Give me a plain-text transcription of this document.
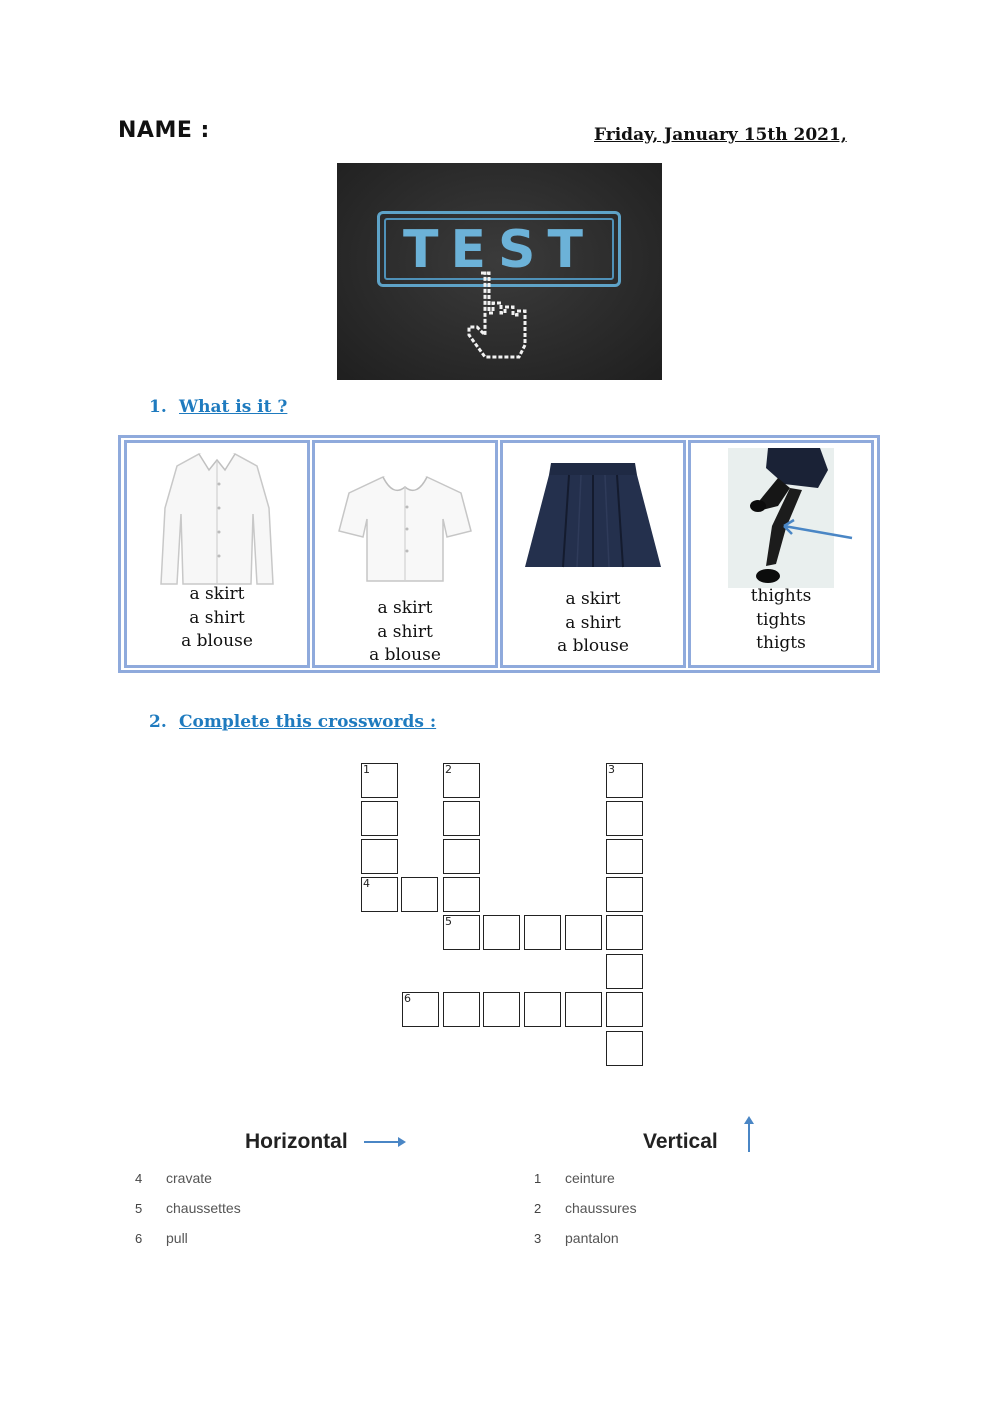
NAME :	Friday, January 15th 2021,
TEST
1. What is it ?
a skirt
a shirt
a blouse
a skirt
a shirt
a blouse
a skirt
a shirt
a blouse
thights
tights
thigts
2. Complete this crosswords :
1
4
2
5
3
6
Horizontal	Vertical
4 cravate
5 chaussettes
6 pull
1 ceinture
2 chaussures
3 pantalon
